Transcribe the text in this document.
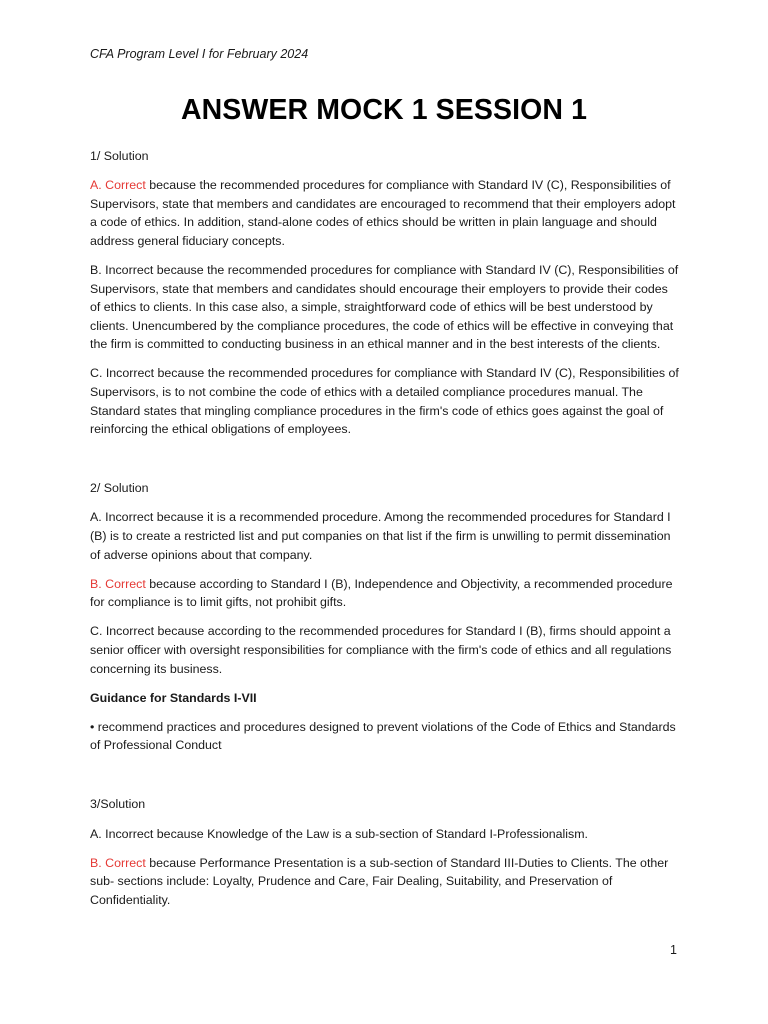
CFA Program Level I for February 2024
ANSWER MOCK 1 SESSION 1
1/ Solution

A. Correct because the recommended procedures for compliance with Standard IV (C), Responsibilities of Supervisors, state that members and candidates are encouraged to recommend that their employers adopt a code of ethics. In addition, stand-alone codes of ethics should be written in plain language and should address general fiduciary concepts.

B. Incorrect because the recommended procedures for compliance with Standard IV (C), Responsibilities of Supervisors, state that members and candidates should encourage their employers to provide their codes of ethics to clients. In this case also, a simple, straightforward code of ethics will be best understood by clients. Unencumbered by the compliance procedures, the code of ethics will be effective in conveying that the firm is committed to conducting business in an ethical manner and in the best interests of the clients.

C. Incorrect because the recommended procedures for compliance with Standard IV (C), Responsibilities of Supervisors, is to not combine the code of ethics with a detailed compliance procedures manual. The Standard states that mingling compliance procedures in the firm's code of ethics goes against the goal of reinforcing the ethical obligations of employees.

2/ Solution

A. Incorrect because it is a recommended procedure. Among the recommended procedures for Standard I (B) is to create a restricted list and put companies on that list if the firm is unwilling to permit dissemination of adverse opinions about that company.

B. Correct because according to Standard I (B), Independence and Objectivity, a recommended procedure for compliance is to limit gifts, not prohibit gifts.

C. Incorrect because according to the recommended procedures for Standard I (B), firms should appoint a senior officer with oversight responsibilities for compliance with the firm's code of ethics and all regulations concerning its business.

Guidance for Standards I-VII

• recommend practices and procedures designed to prevent violations of the Code of Ethics and Standards of Professional Conduct

3/Solution

A. Incorrect because Knowledge of the Law is a sub-section of Standard I-Professionalism.

B. Correct because Performance Presentation is a sub-section of Standard III-Duties to Clients. The other sub- sections include: Loyalty, Prudence and Care, Fair Dealing, Suitability, and Preservation of Confidentiality.

1
